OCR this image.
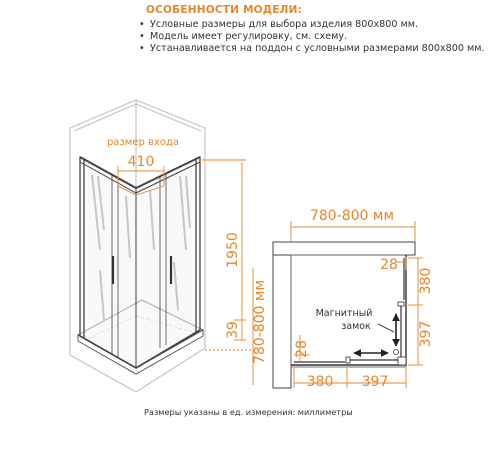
ОСОБЕННОСТИ МОДЕЛИ:
• Условные размеры для выбора изделия 800х800 мм.
• Модель имеет регулировку, см. схему.
• Устанавливается на поддон с условными размерами 800х800 мм.
размер входа
410
1950
39 780-800 мм
780-800 мм
380
397
380 397
28
28
Магнитный
замок
Размеры указаны в ед. измерения: миллиметры
